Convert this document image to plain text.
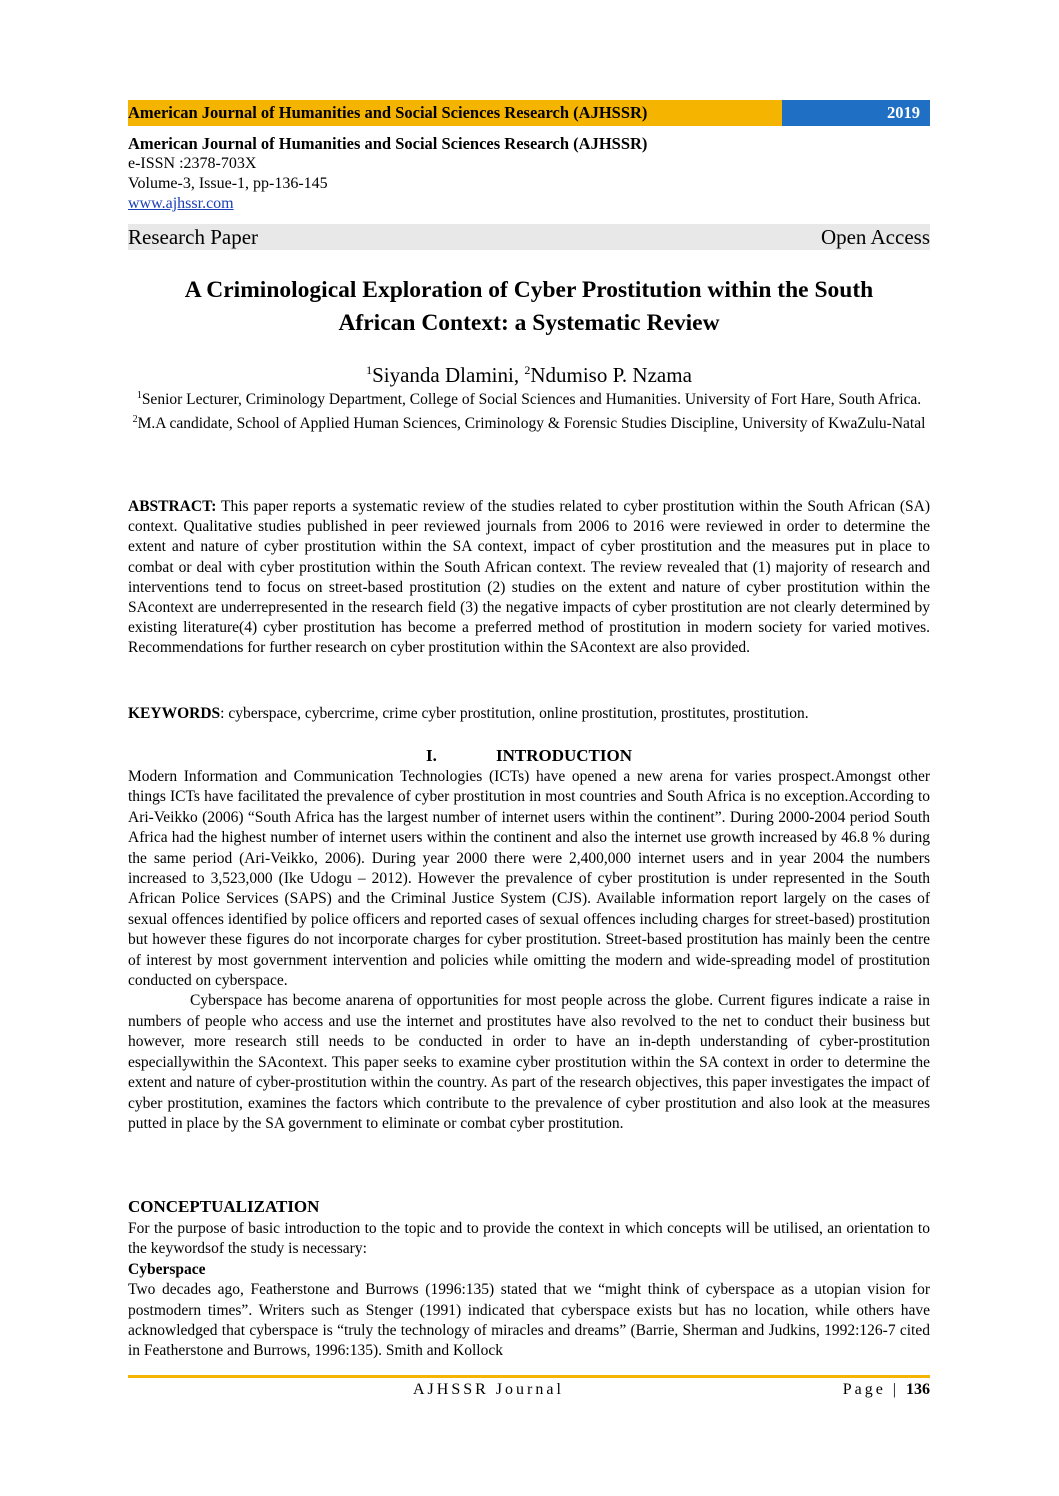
American Journal of Humanities and Social Sciences Research (AJHSSR)	2019
American Journal of Humanities and Social Sciences Research (AJHSSR)
e-ISSN :2378-703X
Volume-3, Issue-1, pp-136-145
www.ajhssr.com
Research Paper	Open Access
A Criminological Exploration of Cyber Prostitution within the South
African Context: a Systematic Review
$^1$Siyanda Dlamini, $^2$Ndumiso P. Nzama
$^1$Senior Lecturer, Criminology Department, College of Social Sciences and Humanities. University of Fort Hare, South Africa.
$^2$M.A candidate, School of Applied Human Sciences, Criminology & Forensic Studies Discipline, University of KwaZulu-Natal
ABSTRACT: This paper reports a systematic review of the studies related to cyber prostitution within the South African (SA) context. Qualitative studies published in peer reviewed journals from 2006 to 2016 were reviewed in order to determine the extent and nature of cyber prostitution within the SA context, impact of cyber prostitution and the measures put in place to combat or deal with cyber prostitution within the South African context. The review revealed that (1) majority of research and interventions tend to focus on street-based prostitution (2) studies on the extent and nature of cyber prostitution within the SAcontext are underrepresented in the research field (3) the negative impacts of cyber prostitution are not clearly determined by existing literature(4) cyber prostitution has become a preferred method of prostitution in modern society for varied motives. Recommendations for further research on cyber prostitution within the SAcontext are also provided.
KEYWORDS: cyberspace, cybercrime, crime cyber prostitution, online prostitution, prostitutes, prostitution.
I.	INTRODUCTION

Modern Information and Communication Technologies (ICTs) have opened a new arena for varies prospect.Amongst other things ICTs have facilitated the prevalence of cyber prostitution in most countries and South Africa is no exception.According to Ari-Veikko (2006) “South Africa has the largest number of internet users within the continent”. During 2000-2004 period South Africa had the highest number of internet users within the continent and also the internet use growth increased by 46.8 % during the same period (Ari-Veikko, 2006). During year 2000 there were 2,400,000 internet users and in year 2004 the numbers increased to 3,523,000 (Ike Udogu – 2012). However the prevalence of cyber prostitution is under represented in the South African Police Services (SAPS) and the Criminal Justice System (CJS). Available information report largely on the cases of sexual offences identified by police officers and reported cases of sexual offences including charges for street-based) prostitution but however these figures do not incorporate charges for cyber prostitution. Street-based prostitution has mainly been the centre of interest by most government intervention and policies while omitting the modern and wide-spreading model of prostitution conducted on cyberspace.

Cyberspace has become anarena of opportunities for most people across the globe. Current figures indicate a raise in numbers of people who access and use the internet and prostitutes have also revolved to the net to conduct their business but however, more research still needs to be conducted in order to have an in-depth understanding of cyber-prostitution especiallywithin the SAcontext. This paper seeks to examine cyber prostitution within the SA context in order to determine the extent and nature of cyber-prostitution within the country. As part of the research objectives, this paper investigates the impact of cyber prostitution, examines the factors which contribute to the prevalence of cyber prostitution and also look at the measures putted in place by the SA government to eliminate or combat cyber prostitution.

CONCEPTUALIZATION

For the purpose of basic introduction to the topic and to provide the context in which concepts will be utilised, an orientation to the keywordsof the study is necessary:

Cyberspace

Two decades ago, Featherstone and Burrows (1996:135) stated that we “might think of cyberspace as a utopian vision for postmodern times”. Writers such as Stenger (1991) indicated that cyberspace exists but has no location, while others have acknowledged that cyberspace is “truly the technology of miracles and dreams” (Barrie, Sherman and Judkins, 1992:126-7 cited in Featherstone and Burrows, 1996:135). Smith and Kollock

AJHSSR Journal	Page | 136
